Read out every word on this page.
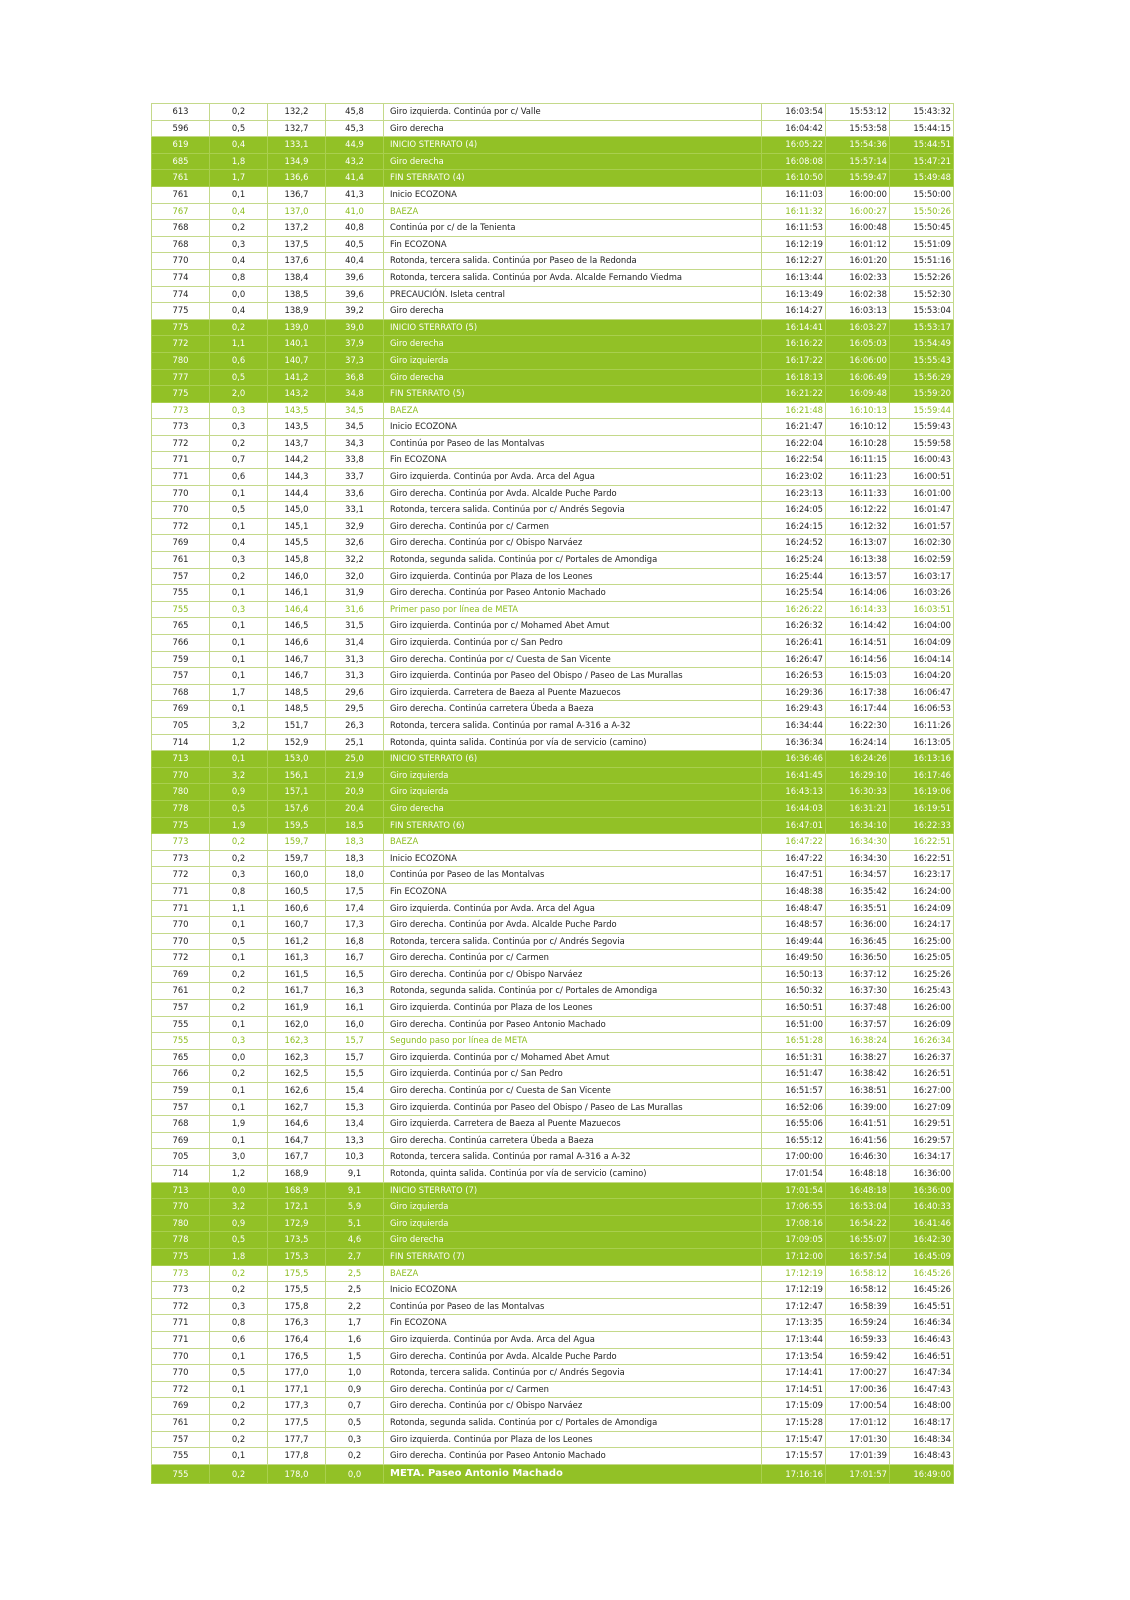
613	0,2	132,2	45,8	Giro izquierda. Continúa por c/ Valle	16:03:54	15:53:12	15:43:32
596	0,5	132,7	45,3	Giro derecha	16:04:42	15:53:58	15:44:15
619	0,4	133,1	44,9	INICIO STERRATO (4)	16:05:22	15:54:36	15:44:51
685	1,8	134,9	43,2	Giro derecha	16:08:08	15:57:14	15:47:21
761	1,7	136,6	41,4	FIN STERRATO (4)	16:10:50	15:59:47	15:49:48
761	0,1	136,7	41,3	Inicio ECOZONA	16:11:03	16:00:00	15:50:00
767	0,4	137,0	41,0	BAEZA	16:11:32	16:00:27	15:50:26
768	0,2	137,2	40,8	Continúa por c/ de la Tenienta	16:11:53	16:00:48	15:50:45
768	0,3	137,5	40,5	Fin ECOZONA	16:12:19	16:01:12	15:51:09
770	0,4	137,6	40,4	Rotonda, tercera salida. Continúa por Paseo de la Redonda	16:12:27	16:01:20	15:51:16
774	0,8	138,4	39,6	Rotonda, tercera salida. Continúa por Avda. Alcalde Fernando Viedma	16:13:44	16:02:33	15:52:26
774	0,0	138,5	39,6	PRECAUCIÓN. Isleta central	16:13:49	16:02:38	15:52:30
775	0,4	138,9	39,2	Giro derecha	16:14:27	16:03:13	15:53:04
775	0,2	139,0	39,0	INICIO STERRATO (5)	16:14:41	16:03:27	15:53:17
772	1,1	140,1	37,9	Giro derecha	16:16:22	16:05:03	15:54:49
780	0,6	140,7	37,3	Giro izquierda	16:17:22	16:06:00	15:55:43
777	0,5	141,2	36,8	Giro derecha	16:18:13	16:06:49	15:56:29
775	2,0	143,2	34,8	FIN STERRATO (5)	16:21:22	16:09:48	15:59:20
773	0,3	143,5	34,5	BAEZA	16:21:48	16:10:13	15:59:44
773	0,3	143,5	34,5	Inicio ECOZONA	16:21:47	16:10:12	15:59:43
772	0,2	143,7	34,3	Continúa por Paseo de las Montalvas	16:22:04	16:10:28	15:59:58
771	0,7	144,2	33,8	Fin ECOZONA	16:22:54	16:11:15	16:00:43
771	0,6	144,3	33,7	Giro izquierda. Continúa por Avda. Arca del Agua	16:23:02	16:11:23	16:00:51
770	0,1	144,4	33,6	Giro derecha. Continúa por Avda. Alcalde Puche Pardo	16:23:13	16:11:33	16:01:00
770	0,5	145,0	33,1	Rotonda, tercera salida. Continúa por c/ Andrés Segovia	16:24:05	16:12:22	16:01:47
772	0,1	145,1	32,9	Giro derecha. Continúa por c/ Carmen	16:24:15	16:12:32	16:01:57
769	0,4	145,5	32,6	Giro derecha. Continúa por c/ Obispo Narváez	16:24:52	16:13:07	16:02:30
761	0,3	145,8	32,2	Rotonda, segunda salida. Continúa por c/ Portales de Amondiga	16:25:24	16:13:38	16:02:59
757	0,2	146,0	32,0	Giro izquierda. Continúa por Plaza de los Leones	16:25:44	16:13:57	16:03:17
755	0,1	146,1	31,9	Giro derecha. Continúa por Paseo Antonio Machado	16:25:54	16:14:06	16:03:26
755	0,3	146,4	31,6	Primer paso por línea de META	16:26:22	16:14:33	16:03:51
765	0,1	146,5	31,5	Giro izquierda. Continúa por c/ Mohamed Abet Amut	16:26:32	16:14:42	16:04:00
766	0,1	146,6	31,4	Giro izquierda. Continúa por c/ San Pedro	16:26:41	16:14:51	16:04:09
759	0,1	146,7	31,3	Giro derecha. Continúa por c/ Cuesta de San Vicente	16:26:47	16:14:56	16:04:14
757	0,1	146,7	31,3	Giro izquierda. Continúa por Paseo del Obispo / Paseo de Las Murallas	16:26:53	16:15:03	16:04:20
768	1,7	148,5	29,6	Giro izquierda. Carretera de Baeza al Puente Mazuecos	16:29:36	16:17:38	16:06:47
769	0,1	148,5	29,5	Giro derecha. Continúa carretera Úbeda a Baeza	16:29:43	16:17:44	16:06:53
705	3,2	151,7	26,3	Rotonda, tercera salida. Continúa por ramal A-316 a A-32	16:34:44	16:22:30	16:11:26
714	1,2	152,9	25,1	Rotonda, quinta salida. Continúa por vía de servicio (camino)	16:36:34	16:24:14	16:13:05
713	0,1	153,0	25,0	INICIO STERRATO (6)	16:36:46	16:24:26	16:13:16
770	3,2	156,1	21,9	Giro izquierda	16:41:45	16:29:10	16:17:46
780	0,9	157,1	20,9	Giro izquierda	16:43:13	16:30:33	16:19:06
778	0,5	157,6	20,4	Giro derecha	16:44:03	16:31:21	16:19:51
775	1,9	159,5	18,5	FIN STERRATO (6)	16:47:01	16:34:10	16:22:33
773	0,2	159,7	18,3	BAEZA	16:47:22	16:34:30	16:22:51
773	0,2	159,7	18,3	Inicio ECOZONA	16:47:22	16:34:30	16:22:51
772	0,3	160,0	18,0	Continúa por Paseo de las Montalvas	16:47:51	16:34:57	16:23:17
771	0,8	160,5	17,5	Fin ECOZONA	16:48:38	16:35:42	16:24:00
771	1,1	160,6	17,4	Giro izquierda. Continúa por Avda. Arca del Agua	16:48:47	16:35:51	16:24:09
770	0,1	160,7	17,3	Giro derecha. Continúa por Avda. Alcalde Puche Pardo	16:48:57	16:36:00	16:24:17
770	0,5	161,2	16,8	Rotonda, tercera salida. Continúa por c/ Andrés Segovia	16:49:44	16:36:45	16:25:00
772	0,1	161,3	16,7	Giro derecha. Continúa por c/ Carmen	16:49:50	16:36:50	16:25:05
769	0,2	161,5	16,5	Giro derecha. Continúa por c/ Obispo Narváez	16:50:13	16:37:12	16:25:26
761	0,2	161,7	16,3	Rotonda, segunda salida. Continúa por c/ Portales de Amondiga	16:50:32	16:37:30	16:25:43
757	0,2	161,9	16,1	Giro izquierda. Continúa por Plaza de los Leones	16:50:51	16:37:48	16:26:00
755	0,1	162,0	16,0	Giro derecha. Continúa por Paseo Antonio Machado	16:51:00	16:37:57	16:26:09
755	0,3	162,3	15,7	Segundo paso por línea de META	16:51:28	16:38:24	16:26:34
765	0,0	162,3	15,7	Giro izquierda. Continúa por c/ Mohamed Abet Amut	16:51:31	16:38:27	16:26:37
766	0,2	162,5	15,5	Giro izquierda. Continúa por c/ San Pedro	16:51:47	16:38:42	16:26:51
759	0,1	162,6	15,4	Giro derecha. Continúa por c/ Cuesta de San Vicente	16:51:57	16:38:51	16:27:00
757	0,1	162,7	15,3	Giro izquierda. Continúa por Paseo del Obispo / Paseo de Las Murallas	16:52:06	16:39:00	16:27:09
768	1,9	164,6	13,4	Giro izquierda. Carretera de Baeza al Puente Mazuecos	16:55:06	16:41:51	16:29:51
769	0,1	164,7	13,3	Giro derecha. Continúa carretera Úbeda a Baeza	16:55:12	16:41:56	16:29:57
705	3,0	167,7	10,3	Rotonda, tercera salida. Continúa por ramal A-316 a A-32	17:00:00	16:46:30	16:34:17
714	1,2	168,9	9,1	Rotonda, quinta salida. Continúa por vía de servicio (camino)	17:01:54	16:48:18	16:36:00
713	0,0	168,9	9,1	INICIO STERRATO (7)	17:01:54	16:48:18	16:36:00
770	3,2	172,1	5,9	Giro izquierda	17:06:55	16:53:04	16:40:33
780	0,9	172,9	5,1	Giro izquierda	17:08:16	16:54:22	16:41:46
778	0,5	173,5	4,6	Giro derecha	17:09:05	16:55:07	16:42:30
775	1,8	175,3	2,7	FIN STERRATO (7)	17:12:00	16:57:54	16:45:09
773	0,2	175,5	2,5	BAEZA	17:12:19	16:58:12	16:45:26
773	0,2	175,5	2,5	Inicio ECOZONA	17:12:19	16:58:12	16:45:26
772	0,3	175,8	2,2	Continúa por Paseo de las Montalvas	17:12:47	16:58:39	16:45:51
771	0,8	176,3	1,7	Fin ECOZONA	17:13:35	16:59:24	16:46:34
771	0,6	176,4	1,6	Giro izquierda. Continúa por Avda. Arca del Agua	17:13:44	16:59:33	16:46:43
770	0,1	176,5	1,5	Giro derecha. Continúa por Avda. Alcalde Puche Pardo	17:13:54	16:59:42	16:46:51
770	0,5	177,0	1,0	Rotonda, tercera salida. Continúa por c/ Andrés Segovia	17:14:41	17:00:27	16:47:34
772	0,1	177,1	0,9	Giro derecha. Continúa por c/ Carmen	17:14:51	17:00:36	16:47:43
769	0,2	177,3	0,7	Giro derecha. Continúa por c/ Obispo Narváez	17:15:09	17:00:54	16:48:00
761	0,2	177,5	0,5	Rotonda, segunda salida. Continúa por c/ Portales de Amondiga	17:15:28	17:01:12	16:48:17
757	0,2	177,7	0,3	Giro izquierda. Continúa por Plaza de los Leones	17:15:47	17:01:30	16:48:34
755	0,1	177,8	0,2	Giro derecha. Continúa por Paseo Antonio Machado	17:15:57	17:01:39	16:48:43
755	0,2	178,0	0,0	META. Paseo Antonio Machado	17:16:16	17:01:57	16:49:00
